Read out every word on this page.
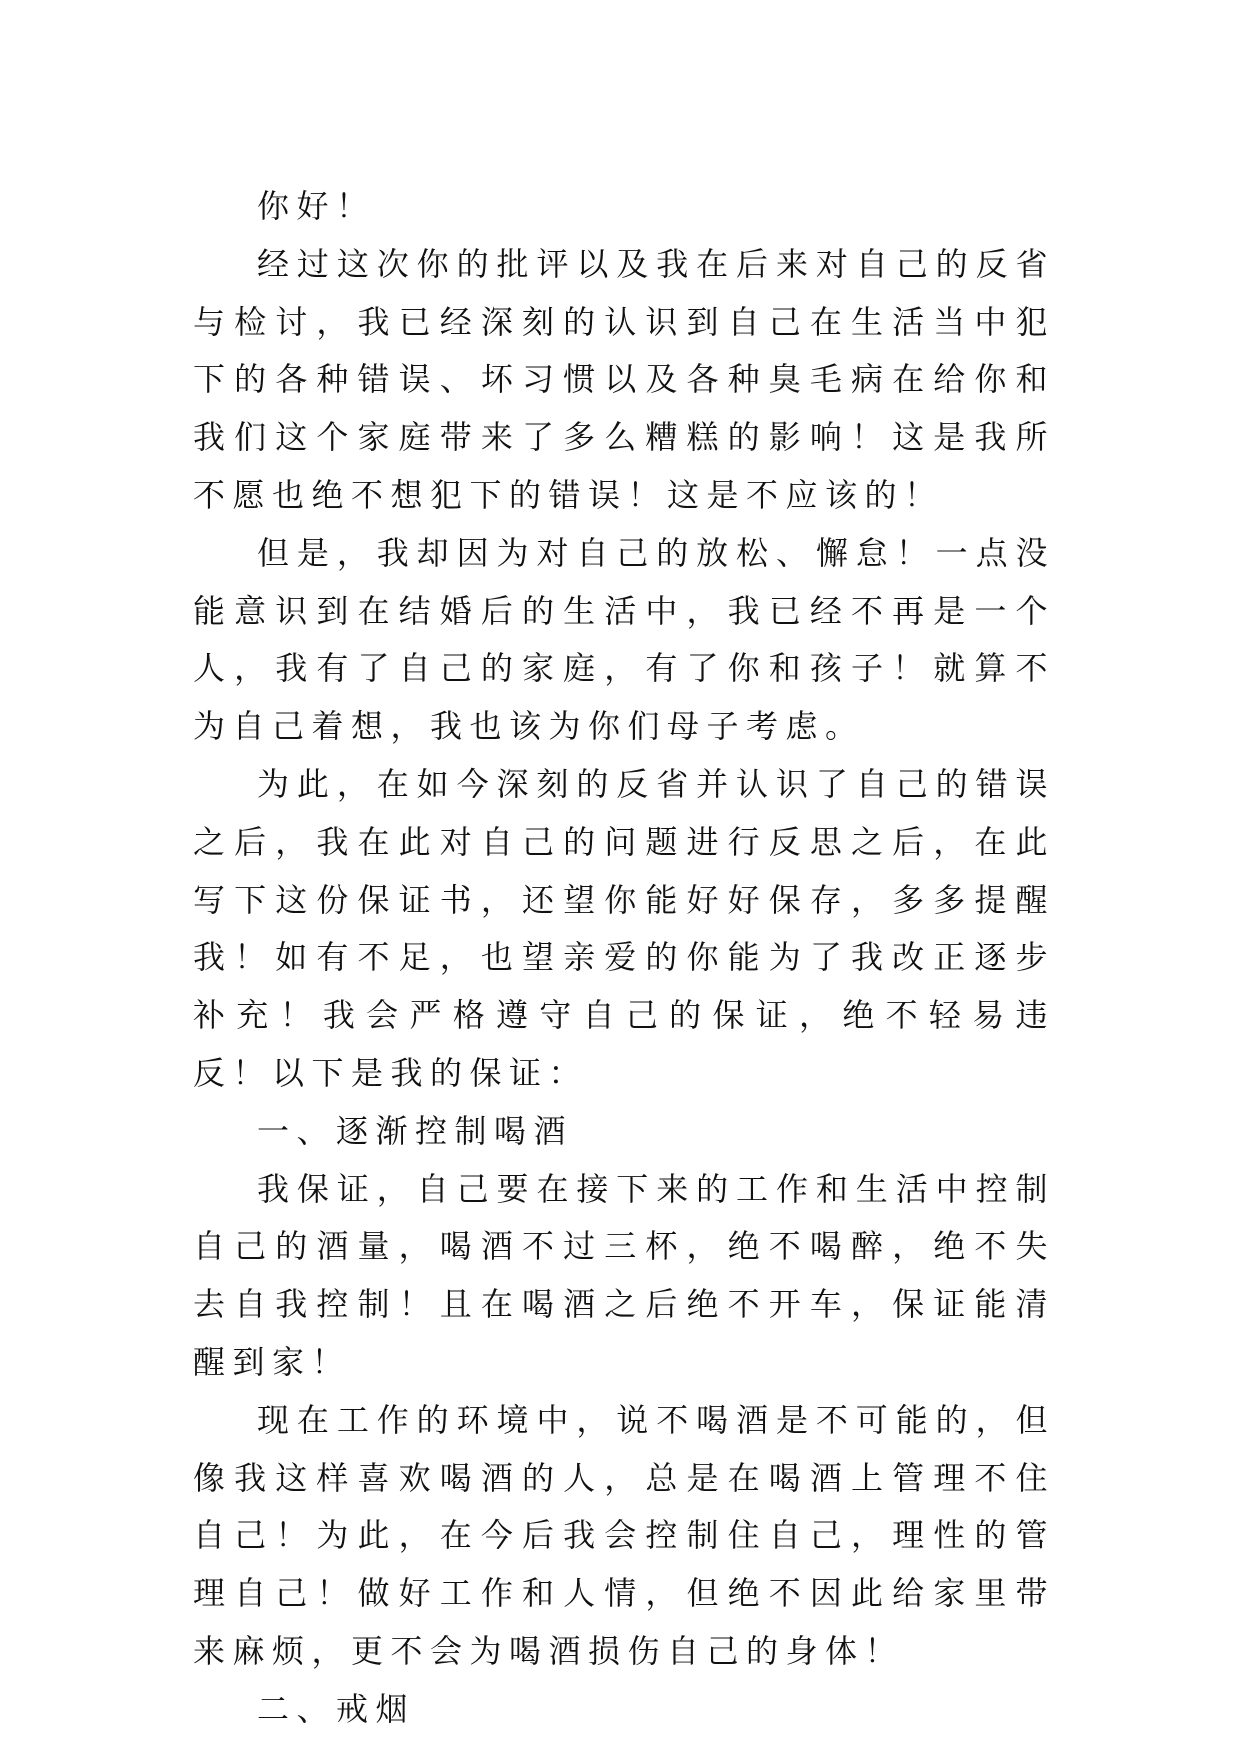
你好！

经过这次你的批评以及我在后来对自己的反省与检讨，我已经深刻的认识到自己在生活当中犯下的各种错误、坏习惯以及各种臭毛病在给你和我们这个家庭带来了多么糟糕的影响！这是我所不愿也绝不想犯下的错误！这是不应该的！

但是，我却因为对自己的放松、懈怠！一点没能意识到在结婚后的生活中，我已经不再是一个人，我有了自己的家庭，有了你和孩子！就算不为自己着想，我也该为你们母子考虑。

为此，在如今深刻的反省并认识了自己的错误之后，我在此对自己的问题进行反思之后，在此写下这份保证书，还望你能好好保存，多多提醒我！如有不足，也望亲爱的你能为了我改正逐步补充！我会严格遵守自己的保证，绝不轻易违反！以下是我的保证：

一、逐渐控制喝酒

我保证，自己要在接下来的工作和生活中控制自己的酒量，喝酒不过三杯，绝不喝醉，绝不失去自我控制！且在喝酒之后绝不开车，保证能清醒到家！

现在工作的环境中，说不喝酒是不可能的，但像我这样喜欢喝酒的人，总是在喝酒上管理不住自己！为此，在今后我会控制住自己，理性的管理自己！做好工作和人情，但绝不因此给家里带来麻烦，更不会为喝酒损伤自己的身体！

二、戒烟
